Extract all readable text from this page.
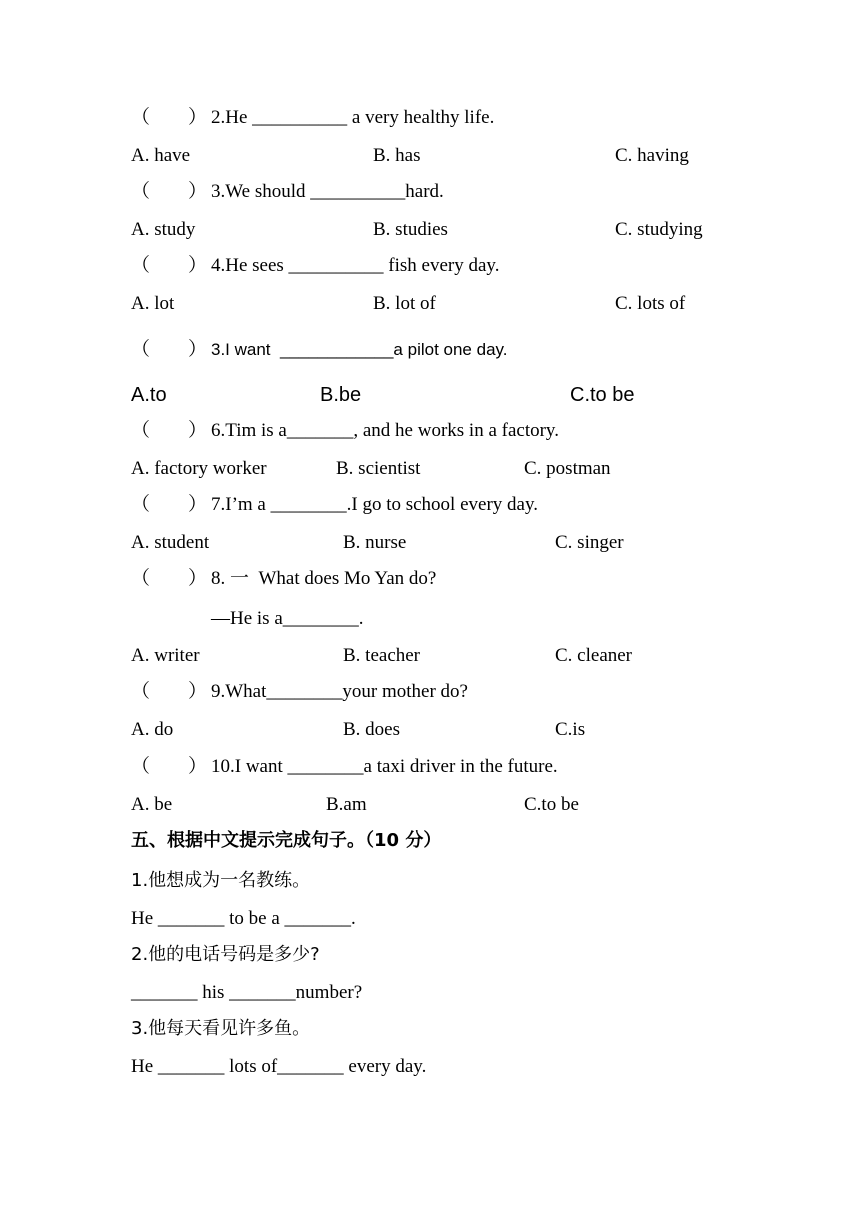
（        ） 2.He __________ a very healthy life.
A. have	B. has	C. having
（        ） 3.We should __________hard.
A. study	B. studies	C. studying
（        ） 4.He sees __________ fish every day.
A. lot	B. lot of	C. lots of
（        ） 3.I want  ____________a pilot one day.
A.to	B.be	C.to be
（        ） 6.Tim is a_______, and he works in a factory.
A. factory worker	B. scientist	C. postman
（        ） 7.I’m a ________.I go to school every day.
A. student	B. nurse	C. singer
（        ） 8. 一  What does Mo Yan do?
—He is a________.
A. writer	B. teacher	C. cleaner
（        ） 9.What________your mother do?
A. do	B. does	C.is
（        ） 10.I want ________a taxi driver in the future.
A. be	B.am	C.to be
五、根据中文提示完成句子。（10 分）
1.他想成为一名教练。
He _______ to be a _______.
2.他的电话号码是多少?
_______ his _______number?
3.他每天看见许多鱼。
He _______ lots of_______ every day.
